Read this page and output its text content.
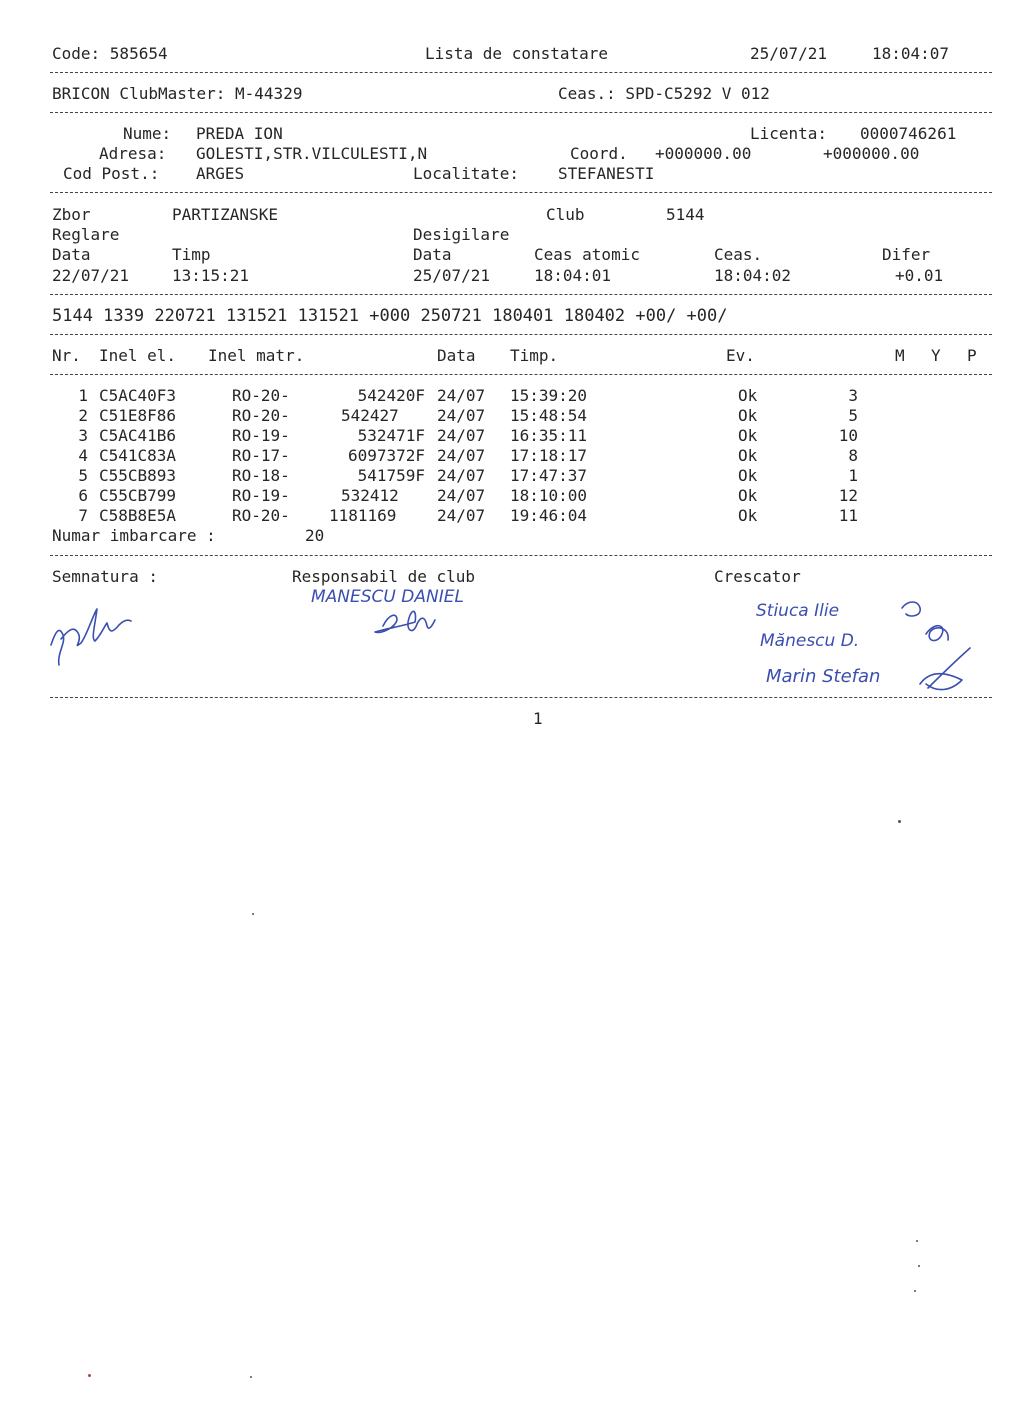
Code: 585654	Lista de constatare	25/07/21	18:04:07
BRICON ClubMaster: M-44329	Ceas.: SPD-C5292 V 012
Nume: PREDA ION	Licenta: 0000746261
Adresa: GOLESTI,STR.VILCULESTI,N	Coord. +000000.00	+000000.00
Cod Post.: ARGES	Localitate: STEFANESTI
Zbor	PARTIZANSKE	Club	5144
Reglare	Desigilare
Data	Timp	Data	Ceas atomic	Ceas.	Difer
22/07/21	13:15:21	25/07/21	18:04:01	18:04:02	+0.01
5144 1339 220721 131521 131521 +000 250721 180401 180402 +00/ +00/
Nr. Inel el. Inel matr.	Data Timp.	Ev.	M Y P
1 C5AC40F3	RO-20-	542420F 24/07 15:39:20	Ok	3
2 C51E8F86	RO-20-	542427 24/07 15:48:54	Ok	5
3 C5AC41B6	RO-19-	532471F 24/07 16:35:11	Ok	10
4 C541C83A	RO-17-	6097372F 24/07 17:18:17	Ok	8
5 C55CB893	RO-18-	541759F 24/07 17:47:37	Ok	1
6 C55CB799	RO-19-	532412 24/07 18:10:00	Ok	12
7 C58B8E5A	RO-20- 1181169	24/07 19:46:04	Ok	11
Numar imbarcare :	20
Semnatura :	Responsabil de club	Crescator
MANESCU DANIEL
Stiuca Ilie
Mănescu D.
Marin Stefan
1
